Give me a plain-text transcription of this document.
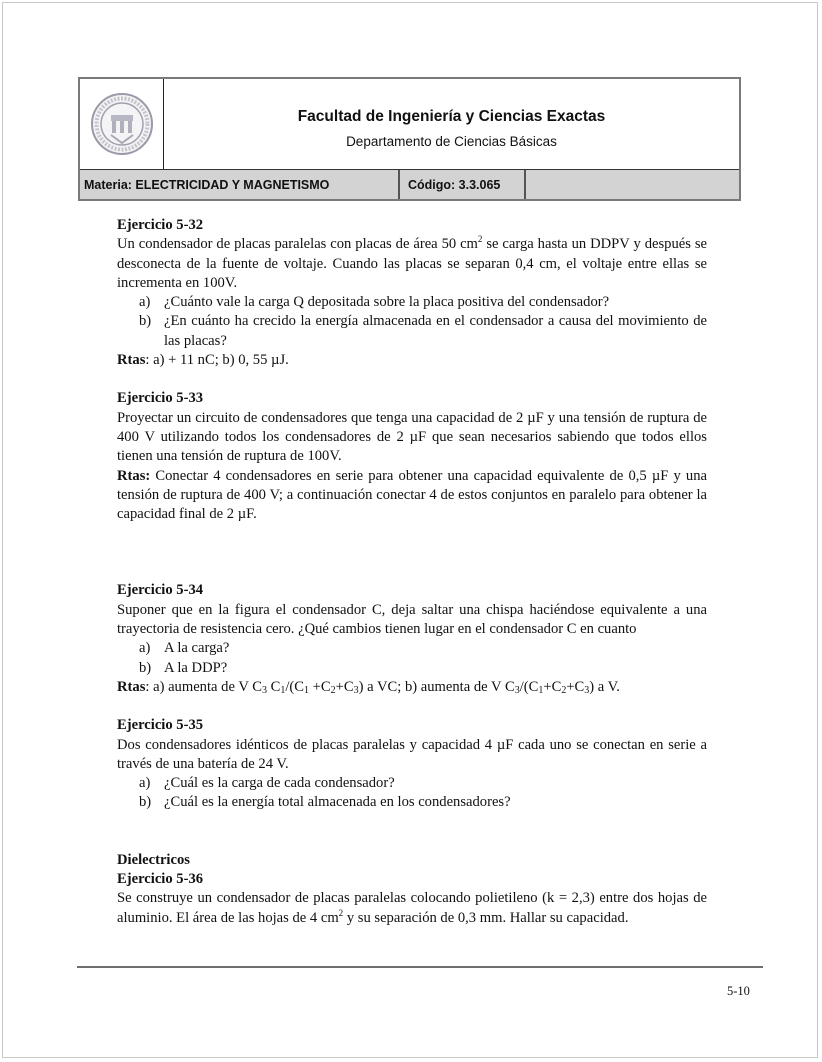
Facultad de Ingeniería y Ciencias Exactas
Departamento de Ciencias Básicas
Materia: ELECTRICIDAD Y MAGNETISMO	Código: 3.3.065

Ejercicio 5-32

Un condensador de placas paralelas con placas de área 50 $cm^2$ se carga hasta un DDPV y después se desconecta de la fuente de voltaje. Cuando las placas se separan 0,4 cm, el voltaje entre ellas se incrementa en 100V.

a) ¿Cuánto vale la carga Q depositada sobre la placa positiva del condensador?
b) ¿En cuánto ha crecido la energía almacenada en el condensador a causa del movimiento de las placas?

Rtas: a) + 11 nC; b) 0, 55 µJ.

Ejercicio 5-33

Proyectar un circuito de condensadores que tenga una capacidad de 2 µF y una tensión de ruptura de 400 V utilizando todos los condensadores de 2 µF que sean necesarios sabiendo que todos ellos tienen una tensión de ruptura de 100V.

Rtas: Conectar 4 condensadores en serie para obtener una capacidad equivalente de 0,5 µF y una tensión de ruptura de 400 V; a continuación conectar 4 de estos conjuntos en paralelo para obtener la capacidad final de 2 µF.

Ejercicio 5-34

Suponer que en la figura el condensador C, deja saltar una chispa haciéndose equivalente a una trayectoria de resistencia cero. ¿Qué cambios tienen lugar en el condensador C en cuanto

a) A la carga?
b) A la DDP?

Rtas: a) aumenta de V $C_3$ $C_1/(C_1 +C_2+C_3)$ a VC; b) aumenta de V $C_3/(C_1+C_2+C_3)$ a V.

Ejercicio 5-35

Dos condensadores idénticos de placas paralelas y capacidad 4 µF cada uno se conectan en serie a través de una batería de 24 V.

a) ¿Cuál es la carga de cada condensador?
b) ¿Cuál es la energía total almacenada en los condensadores?

Dielectricos

Ejercicio 5-36

Se construye un condensador de placas paralelas colocando polietileno (k = 2,3) entre dos hojas de aluminio. El área de las hojas de 4 $cm^2$ y su separación de 0,3 mm. Hallar su capacidad.

5-10
